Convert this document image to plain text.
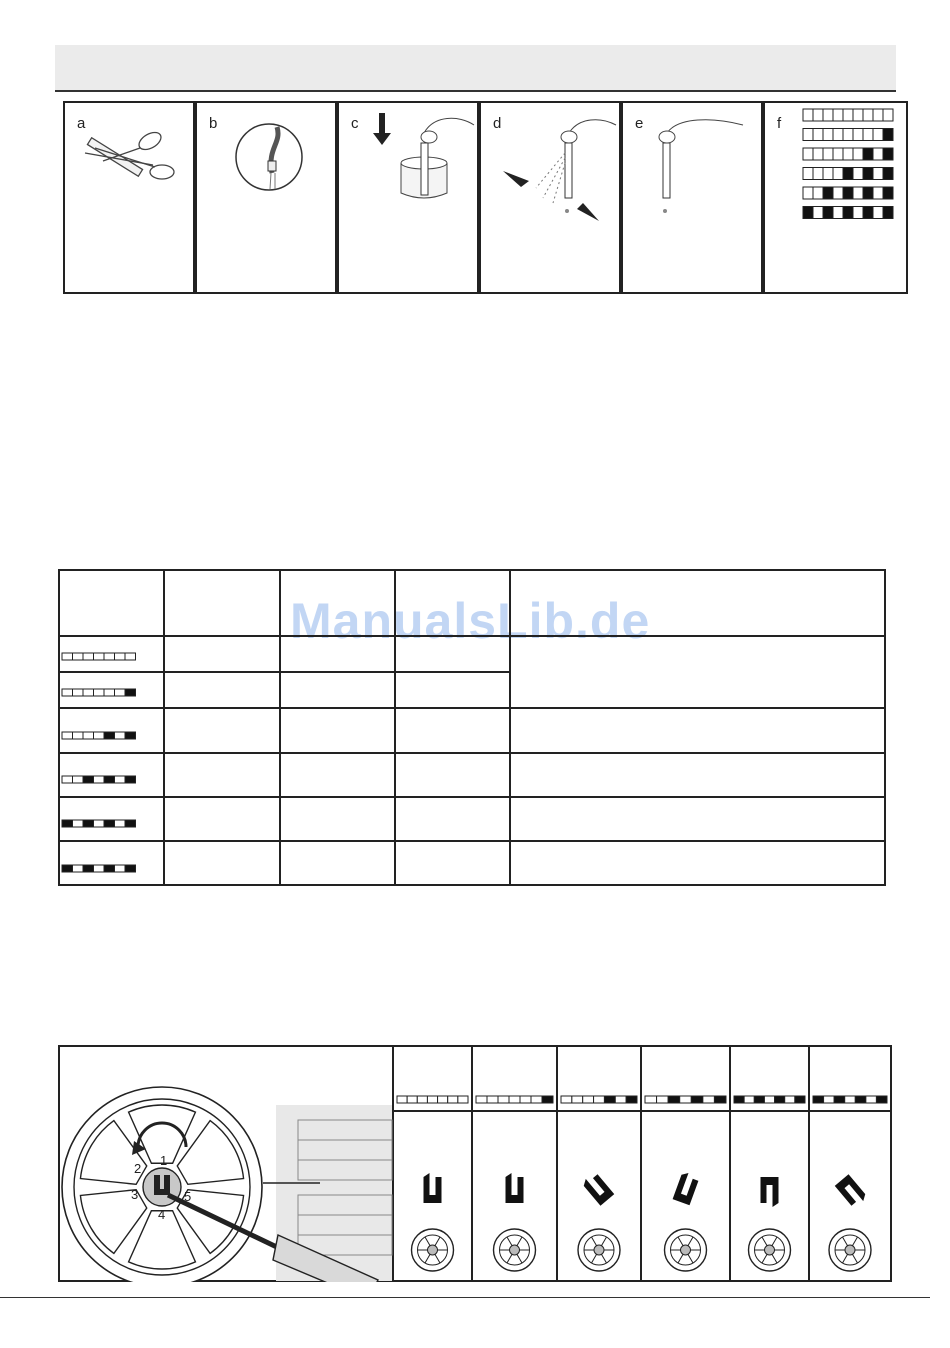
a	b	c	d	e	f
ManualsLib.de
1
2
3
4
5
